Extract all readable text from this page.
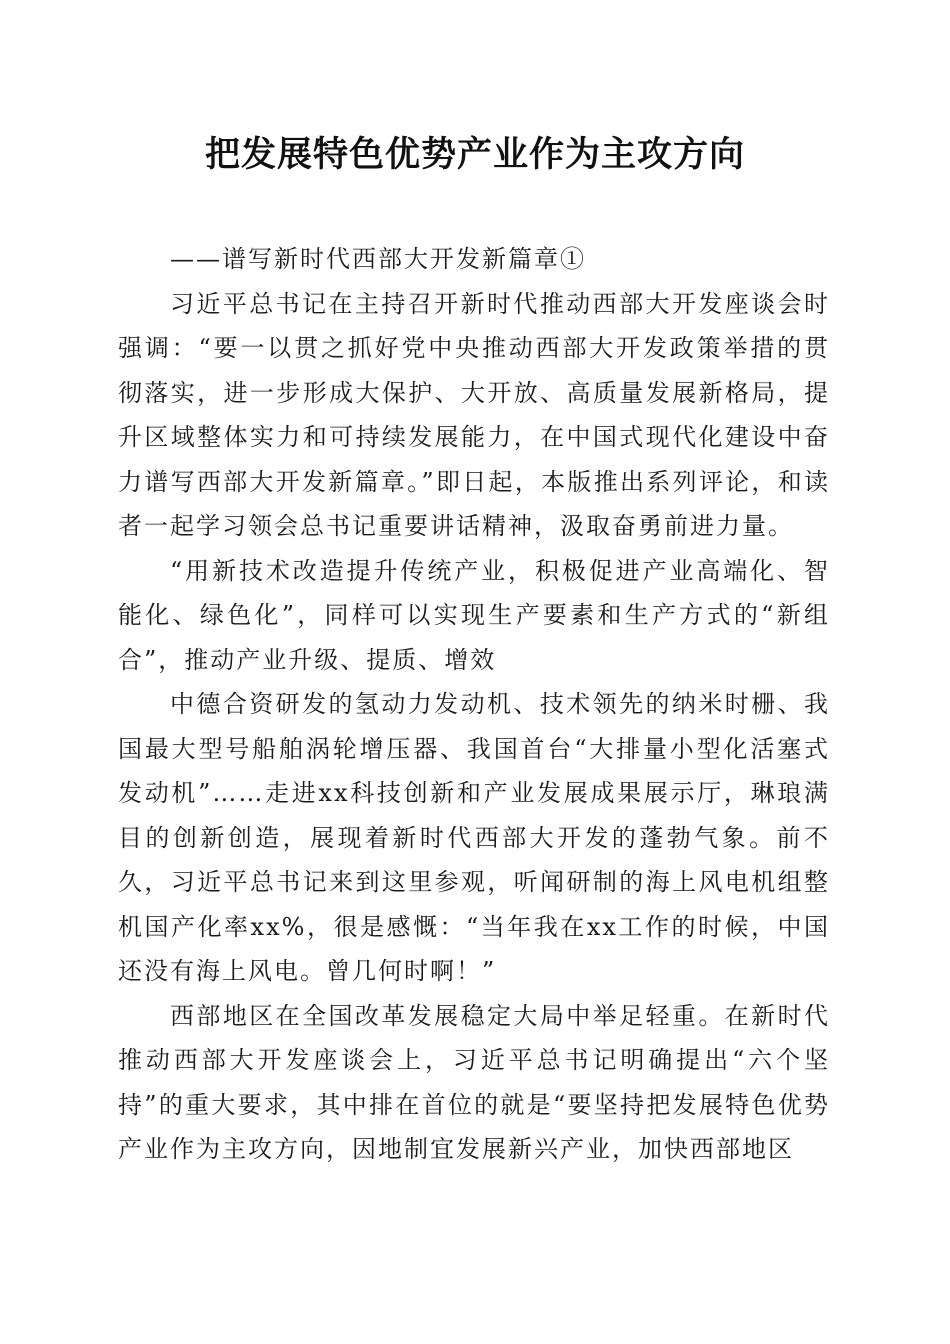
把发展特色优势产业作为主攻方向

——谱写新时代西部大开发新篇章①

习近平总书记在主持召开新时代推动西部大开发座谈会时强调：“要一以贯之抓好党中央推动西部大开发政策举措的贯彻落实，进一步形成大保护、大开放、高质量发展新格局，提升区域整体实力和可持续发展能力，在中国式现代化建设中奋力谱写西部大开发新篇章。”即日起，本版推出系列评论，和读者一起学习领会总书记重要讲话精神，汲取奋勇前进力量。

“用新技术改造提升传统产业，积极促进产业高端化、智能化、绿色化”，同样可以实现生产要素和生产方式的“新组合”，推动产业升级、提质、增效

中德合资研发的氢动力发动机、技术领先的纳米时栅、我国最大型号船舶涡轮增压器、我国首台“大排量小型化活塞式发动机”……走进xx科技创新和产业发展成果展示厅，琳琅满目的创新创造，展现着新时代西部大开发的蓬勃气象。前不久，习近平总书记来到这里参观，听闻研制的海上风电机组整机国产化率xx%，很是感慨：“当年我在xx工作的时候，中国还没有海上风电。曾几何时啊！”

西部地区在全国改革发展稳定大局中举足轻重。在新时代推动西部大开发座谈会上，习近平总书记明确提出“六个坚持”的重大要求，其中排在首位的就是“要坚持把发展特色优势产业作为主攻方向，因地制宜发展新兴产业，加快西部地区
